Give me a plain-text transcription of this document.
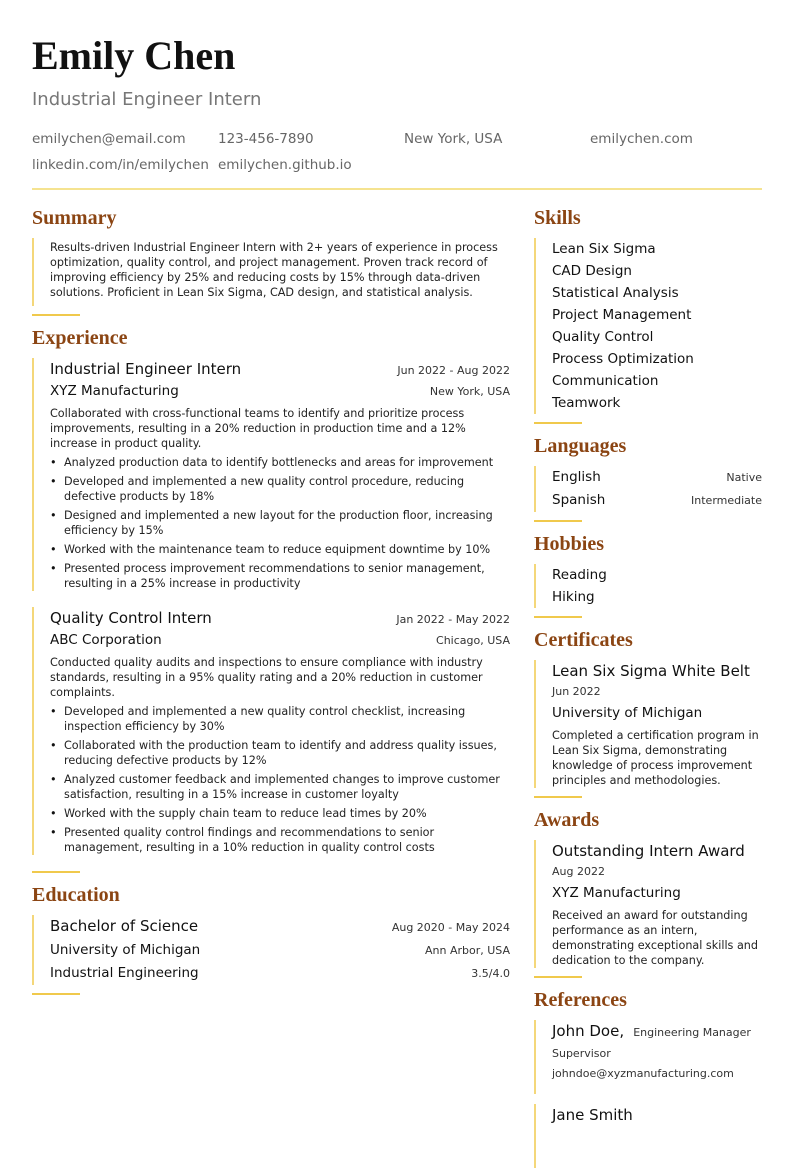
Emily Chen
Industrial Engineer Intern
emilychen@email.com	123-456-7890	New York, USA	emilychen.com
linkedin.com/in/emilychen emilychen.github.io
Summary
Results-driven Industrial Engineer Intern with 2+ years of experience in process optimization, quality control, and project management. Proven track record of improving efficiency by 25% and reducing costs by 15% through data-driven solutions. Proficient in Lean Six Sigma, CAD design, and statistical analysis.
Experience
Industrial Engineer Intern	Jun 2022 - Aug 2022
XYZ Manufacturing	New York, USA
Collaborated with cross-functional teams to identify and prioritize process improvements, resulting in a 20% reduction in production time and a 12% increase in product quality.
• Analyzed production data to identify bottlenecks and areas for improvement
• Developed and implemented a new quality control procedure, reducing defective products by 18%
• Designed and implemented a new layout for the production floor, increasing efficiency by 15%
• Worked with the maintenance team to reduce equipment downtime by 10%
• Presented process improvement recommendations to senior management, resulting in a 25% increase in productivity
Quality Control Intern	Jan 2022 - May 2022
ABC Corporation	Chicago, USA
Conducted quality audits and inspections to ensure compliance with industry standards, resulting in a 95% quality rating and a 20% reduction in customer complaints.
• Developed and implemented a new quality control checklist, increasing inspection efficiency by 30%
• Collaborated with the production team to identify and address quality issues, reducing defective products by 12%
• Analyzed customer feedback and implemented changes to improve customer satisfaction, resulting in a 15% increase in customer loyalty
• Worked with the supply chain team to reduce lead times by 20%
• Presented quality control findings and recommendations to senior management, resulting in a 10% reduction in quality control costs
Education
Bachelor of Science	Aug 2020 - May 2024
University of Michigan	Ann Arbor, USA
Industrial Engineering	3.5/4.0
Skills
Lean Six Sigma
CAD Design
Statistical Analysis
Project Management
Quality Control
Process Optimization
Communication
Teamwork
Languages
English	Native
Spanish	Intermediate
Hobbies
Reading
Hiking
Certificates
Lean Six Sigma White Belt
Jun 2022
University of Michigan
Completed a certification program in Lean Six Sigma, demonstrating knowledge of process improvement principles and methodologies.
Awards
Outstanding Intern Award
Aug 2022
XYZ Manufacturing
Received an award for outstanding performance as an intern, demonstrating exceptional skills and dedication to the company.
References
John Doe, Engineering Manager
Supervisor
johndoe@xyzmanufacturing.com
Jane Smith
